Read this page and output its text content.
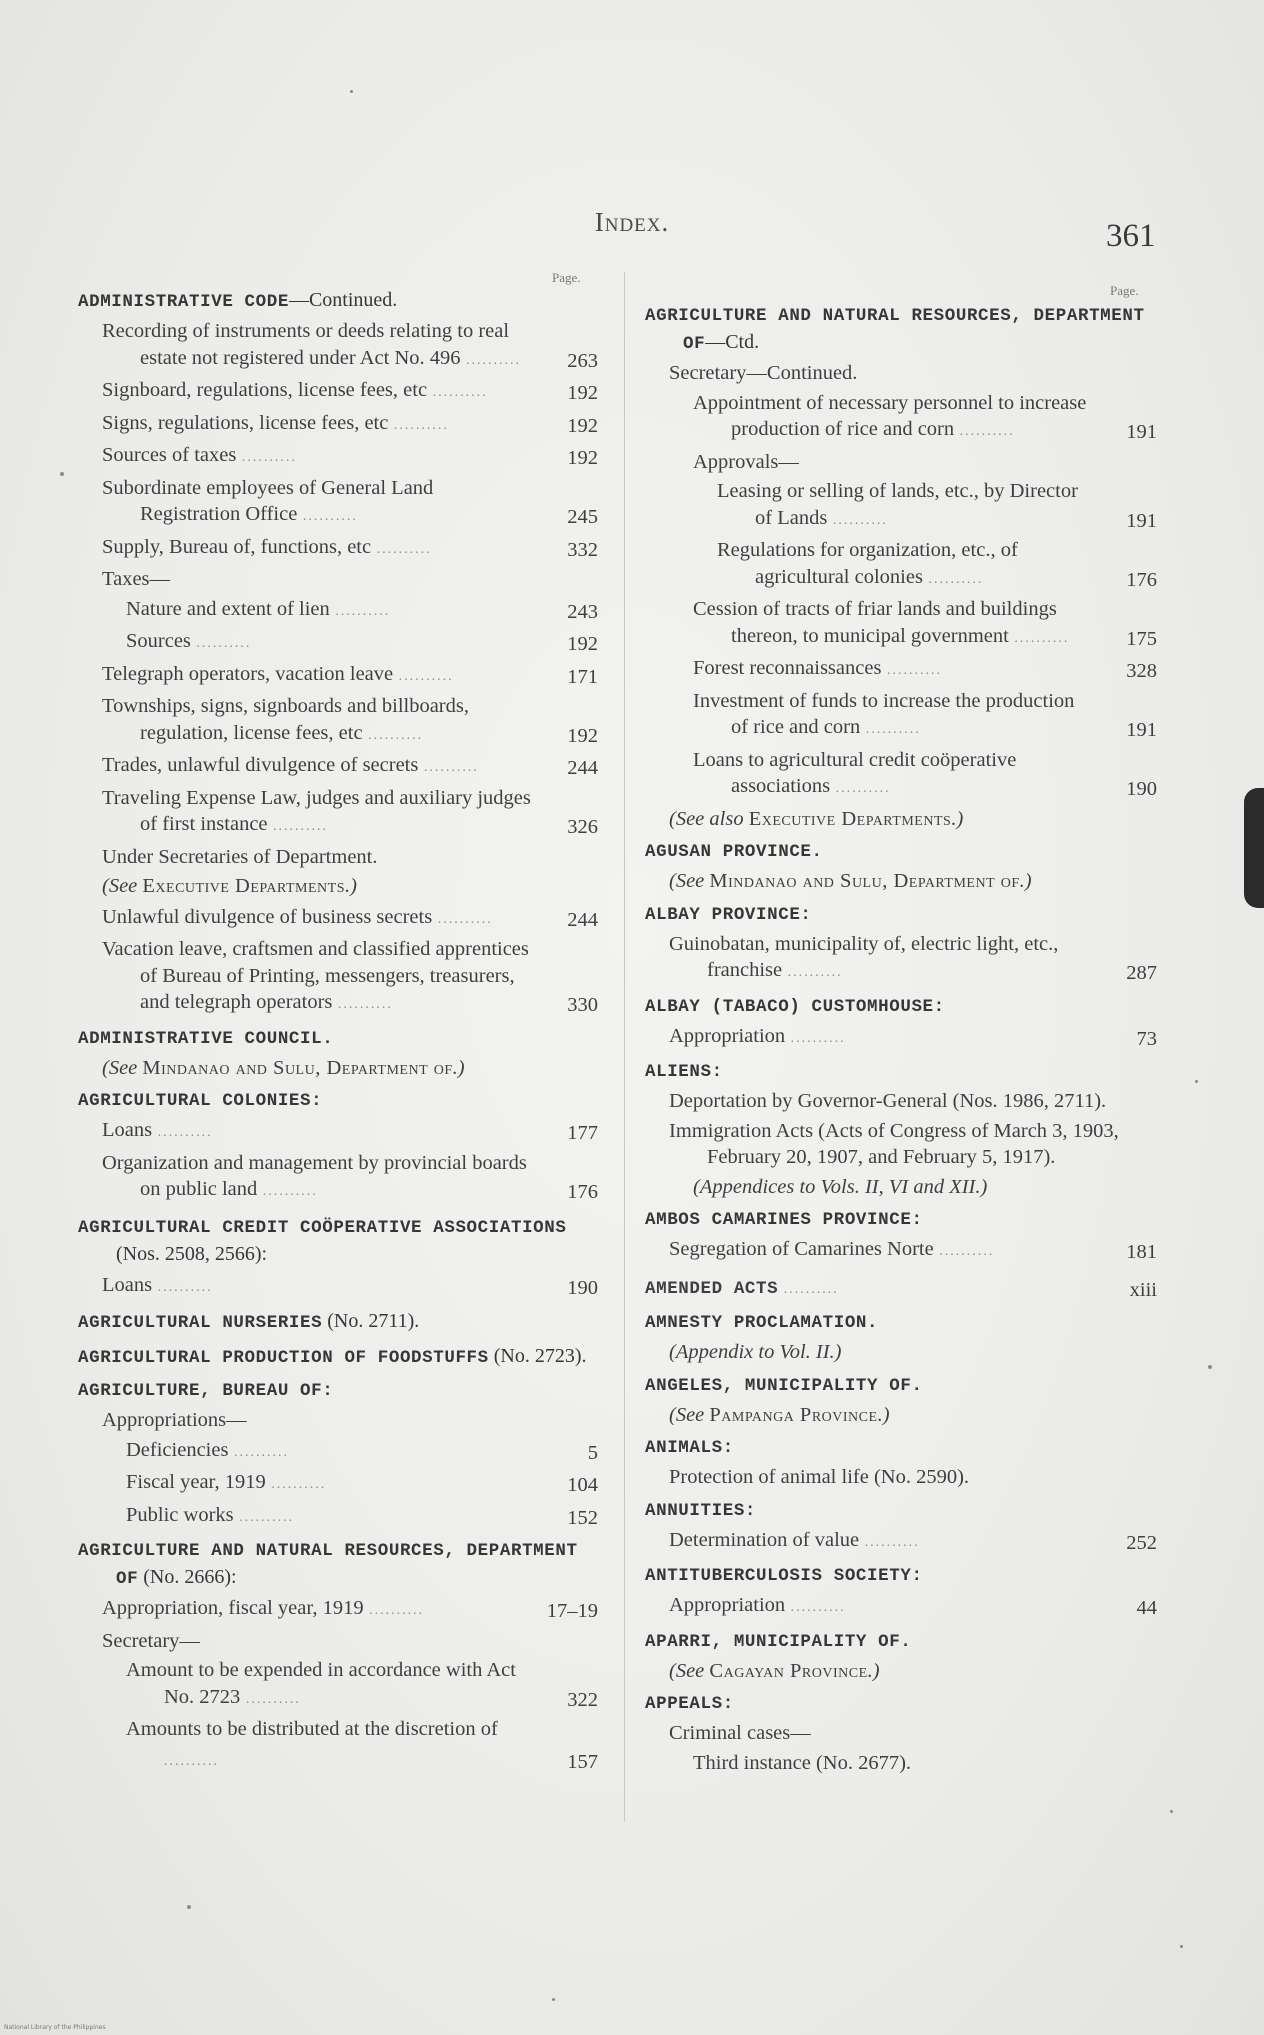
Index.	361
Page.
Page.
ADMINISTRATIVE CODE—Continued.
Recording of instruments or deeds relating to real estate not registered under Act No. 496 ..........	263
Signboard, regulations, license fees, etc ..........	192
Signs, regulations, license fees, etc ..........	192
Sources of taxes ..........	192
Subordinate employees of General Land Registration Office ..........	245
Supply, Bureau of, functions, etc ..........	332
Taxes—
Nature and extent of lien ..........	243
Sources ..........	192
Telegraph operators, vacation leave ..........	171
Townships, signs, signboards and billboards, regulation, license fees, etc ..........	192
Trades, unlawful divulgence of secrets ..........	244
Traveling Expense Law, judges and auxiliary judges of first instance ..........	326
Under Secretaries of Department.
(See Executive Departments.)
Unlawful divulgence of business secrets ..........	244
Vacation leave, craftsmen and classified apprentices of Bureau of Printing, messengers, treasurers, and telegraph operators ..........	330
ADMINISTRATIVE COUNCIL.
(See Mindanao and Sulu, Department of.)
AGRICULTURAL COLONIES:
Loans ..........	177
Organization and management by provincial boards on public land ..........	176
AGRICULTURAL CREDIT COÖPERATIVE ASSOCIATIONS (Nos. 2508, 2566):
Loans ..........	190
AGRICULTURAL NURSERIES (No. 2711).
AGRICULTURAL PRODUCTION OF FOODSTUFFS (No. 2723).
AGRICULTURE, BUREAU OF:
Appropriations—
Deficiencies ..........	5
Fiscal year, 1919 ..........	104
Public works ..........	152
AGRICULTURE AND NATURAL RESOURCES, DEPARTMENT OF (No. 2666):
Appropriation, fiscal year, 1919 ..........	17–19
Secretary—
Amount to be expended in accordance with Act No. 2723 ..........	322
Amounts to be distributed at the discretion of ..........	157
AGRICULTURE AND NATURAL RESOURCES, DEPARTMENT OF—Ctd.
Secretary—Continued.
Appointment of necessary personnel to increase production of rice and corn ..........	191
Approvals—
Leasing or selling of lands, etc., by Director of Lands ..........	191
Regulations for organization, etc., of agricultural colonies ..........	176
Cession of tracts of friar lands and buildings thereon, to municipal government ..........	175
Forest reconnaissances ..........	328
Investment of funds to increase the production of rice and corn ..........	191
Loans to agricultural credit coöperative associations ..........	190
(See also Executive Departments.)
AGUSAN PROVINCE.
(See Mindanao and Sulu, Department of.)
ALBAY PROVINCE:
Guinobatan, municipality of, electric light, etc., franchise ..........	287
ALBAY (TABACO) CUSTOMHOUSE:
Appropriation ..........	73
ALIENS:
Deportation by Governor-General (Nos. 1986, 2711).
Immigration Acts (Acts of Congress of March 3, 1903, February 20, 1907, and February 5, 1917).
(Appendices to Vols. II, VI and XII.)
AMBOS CAMARINES PROVINCE:
Segregation of Camarines Norte ..........	181
AMENDED ACTS ..........	xiii
AMNESTY PROCLAMATION.
(Appendix to Vol. II.)
ANGELES, MUNICIPALITY OF.
(See Pampanga Province.)
ANIMALS:
Protection of animal life (No. 2590).
ANNUITIES:
Determination of value ..........	252
ANTITUBERCULOSIS SOCIETY:
Appropriation ..........	44
APARRI, MUNICIPALITY OF.
(See Cagayan Province.)
APPEALS:
Criminal cases—
Third instance (No. 2677).
National Library of the Philippines
